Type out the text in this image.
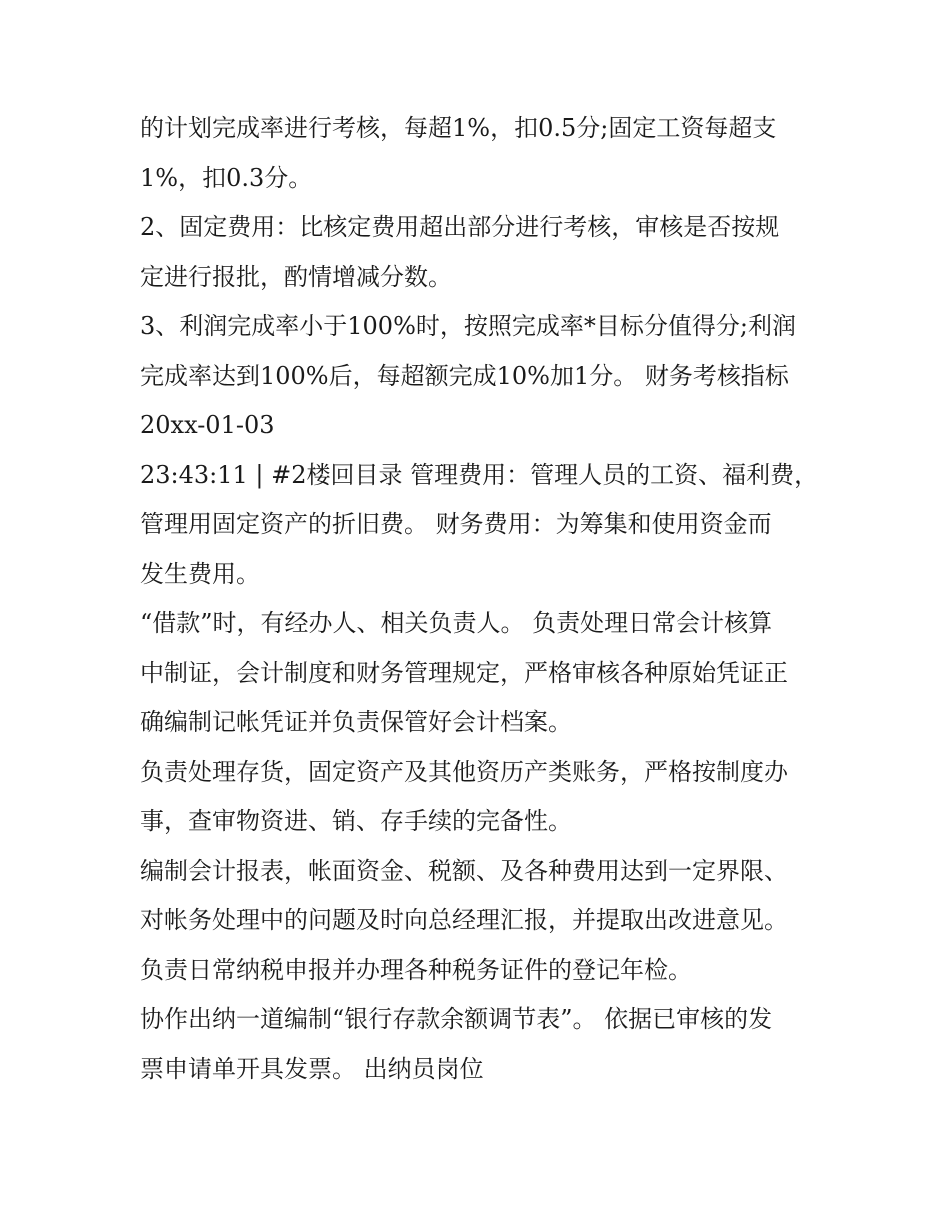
的计划完成率进行考核，每超1%，扣0.5分;固定工资每超支
1%，扣0.3分。
2、固定费用：比核定费用超出部分进行考核，审核是否按规
定进行报批，酌情增减分数。
3、利润完成率小于100%时，按照完成率*目标分值得分;利润
完成率达到100%后，每超额完成10%加1分。 财务考核指标
20xx-01-03
23:43:11 | #2楼回目录 管理费用：管理人员的工资、福利费，
管理用固定资产的折旧费。 财务费用：为筹集和使用资金而
发生费用。
“借款”时，有经办人、相关负责人。 负责处理日常会计核算
中制证，会计制度和财务管理规定，严格审核各种原始凭证正
确编制记帐凭证并负责保管好会计档案。
负责处理存货，固定资产及其他资历产类账务，严格按制度办
事，查审物资进、销、存手续的完备性。
编制会计报表，帐面资金、税额、及各种费用达到一定界限、
对帐务处理中的问题及时向总经理汇报，并提取出改进意见。
负责日常纳税申报并办理各种税务证件的登记年检。
协作出纳一道编制“银行存款余额调节表”。 依据已审核的发
票申请单开具发票。 出纳员岗位
